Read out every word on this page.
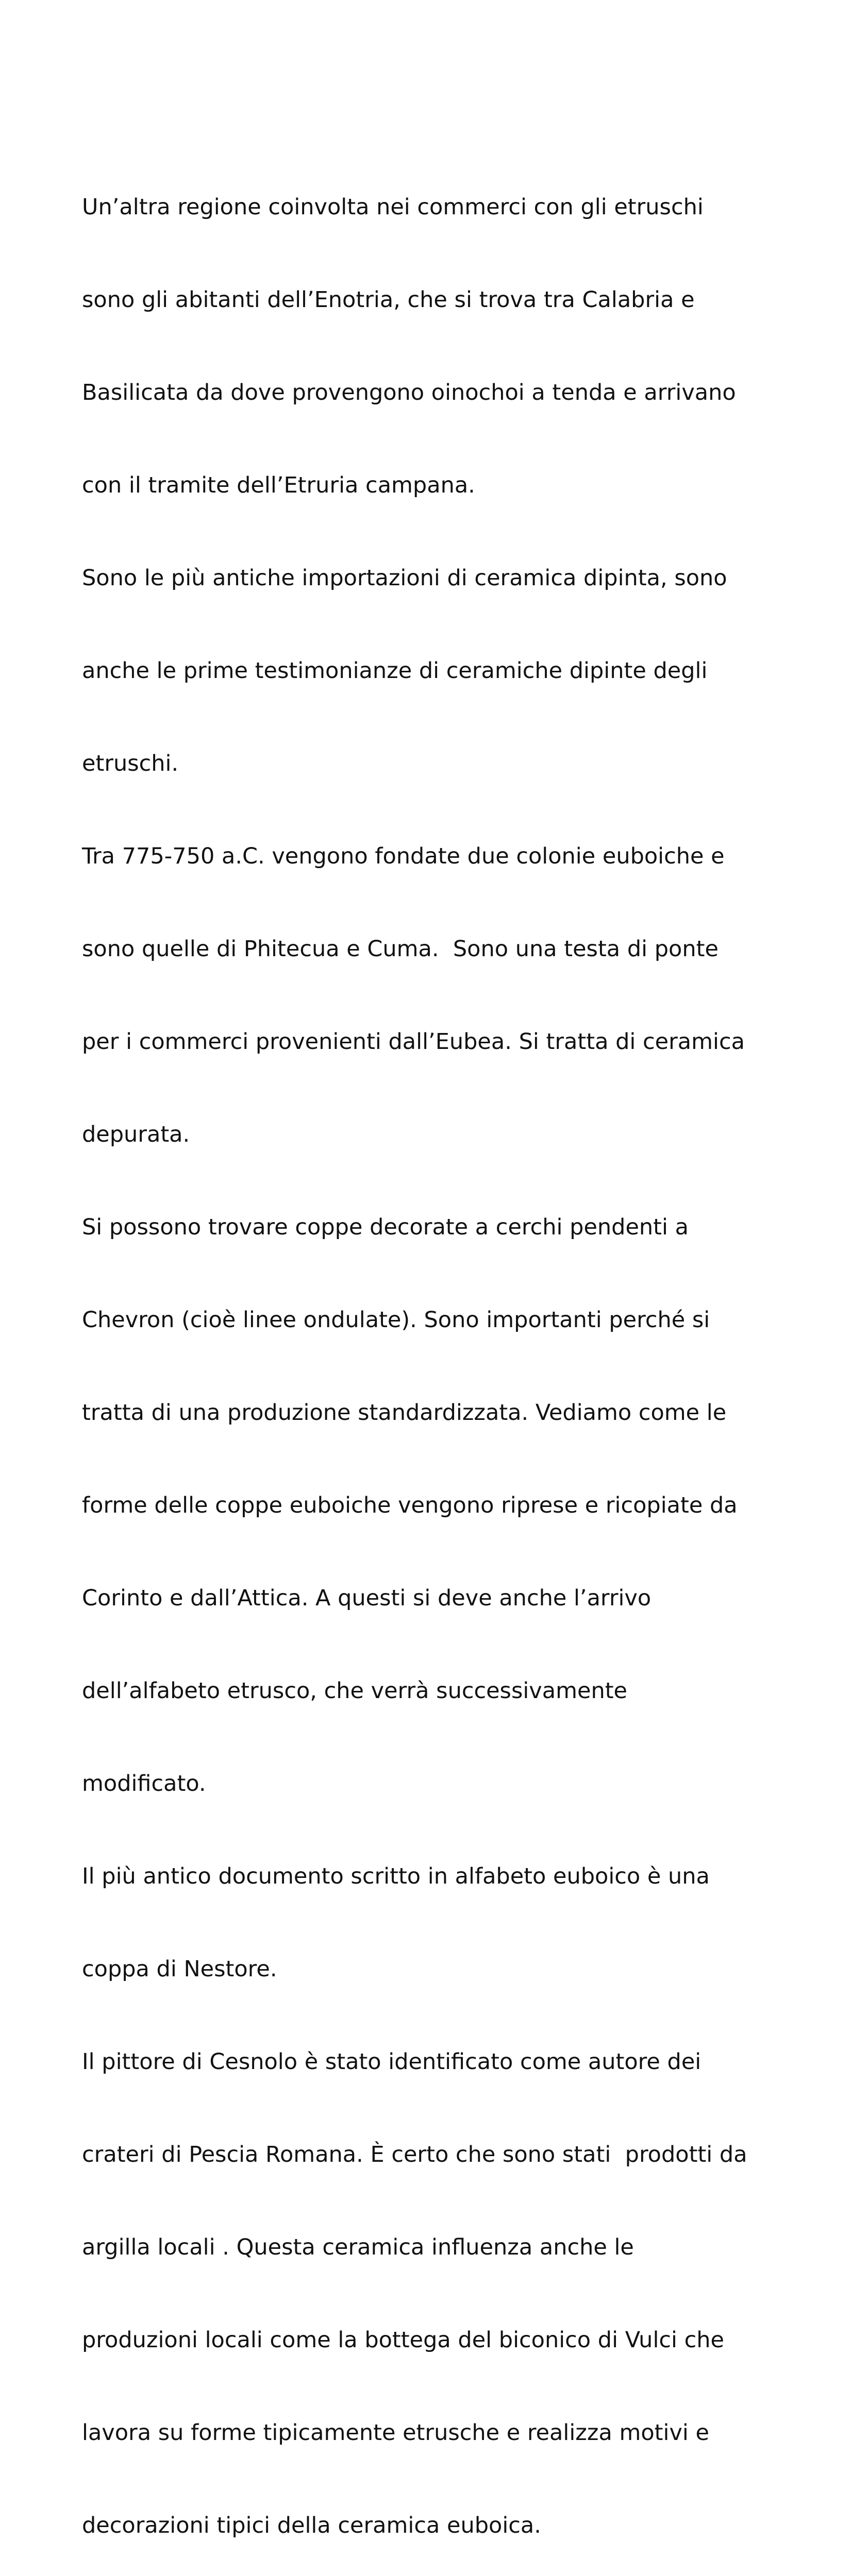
Un’altra regione coinvolta nei commerci con gli etruschi

sono gli abitanti dell’Enotria, che si trova tra Calabria e

Basilicata da dove provengono oinochoi a tenda e arrivano

con il tramite dell’Etruria campana.

Sono le più antiche importazioni di ceramica dipinta, sono

anche le prime testimonianze di ceramiche dipinte degli

etruschi.

Tra 775-750 a.C. vengono fondate due colonie euboiche e

sono quelle di Phitecua e Cuma.  Sono una testa di ponte

per i commerci provenienti dall’Eubea. Si tratta di ceramica

depurata.

Si possono trovare coppe decorate a cerchi pendenti a

Chevron (cioè linee ondulate). Sono importanti perché si

tratta di una produzione standardizzata. Vediamo come le

forme delle coppe euboiche vengono riprese e ricopiate da

Corinto e dall’Attica. A questi si deve anche l’arrivo

dell’alfabeto etrusco, che verrà successivamente

modificato.

Il più antico documento scritto in alfabeto euboico è una

coppa di Nestore.

Il pittore di Cesnolo è stato identificato come autore dei

crateri di Pescia Romana. È certo che sono stati  prodotti da

argilla locali . Questa ceramica influenza anche le

produzioni locali come la bottega del biconico di Vulci che

lavora su forme tipicamente etrusche e realizza motivi e

decorazioni tipici della ceramica euboica.
